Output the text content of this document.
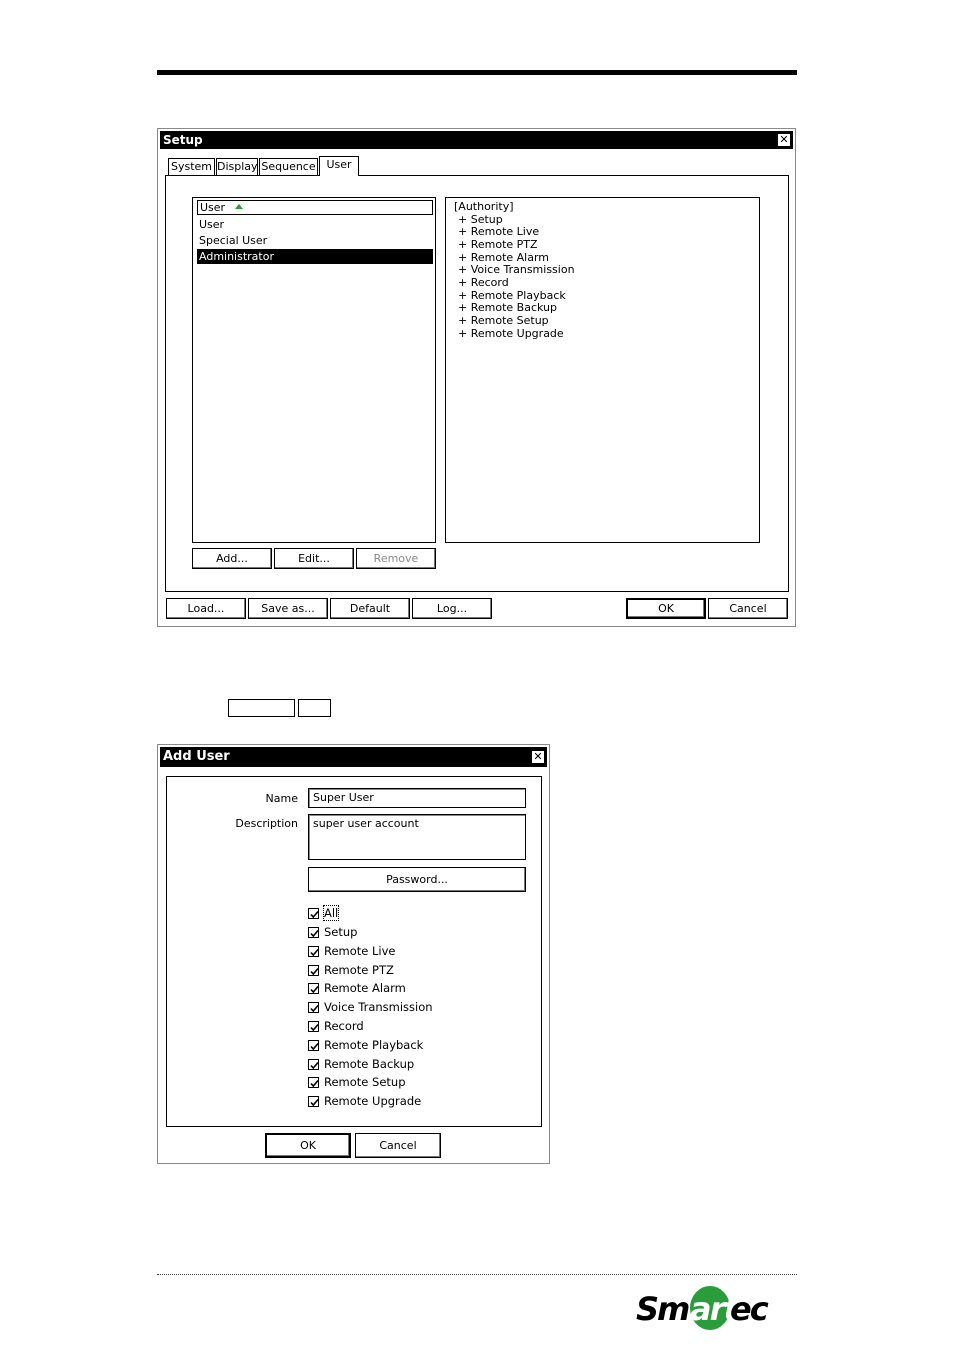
Setup	✕
System Display Sequence User
User
User
Special User
Administrator
[Authority]
+ Setup
+ Remote Live
+ Remote PTZ
+ Remote Alarm
+ Voice Transmission
+ Record
+ Remote Playback
+ Remote Backup
+ Remote Setup
+ Remote Upgrade
Add...	Edit...	Remove
Load...	Save as...	Default	Log...	OK	Cancel
Add User	✕
Name	Super User
Description	super user account
Password...
All
Setup
Remote Live
Remote PTZ
Remote Alarm
Voice Transmission
Record
Remote Playback
Remote Backup
Remote Setup
Remote Upgrade
OK	Cancel
Sm art
ec
